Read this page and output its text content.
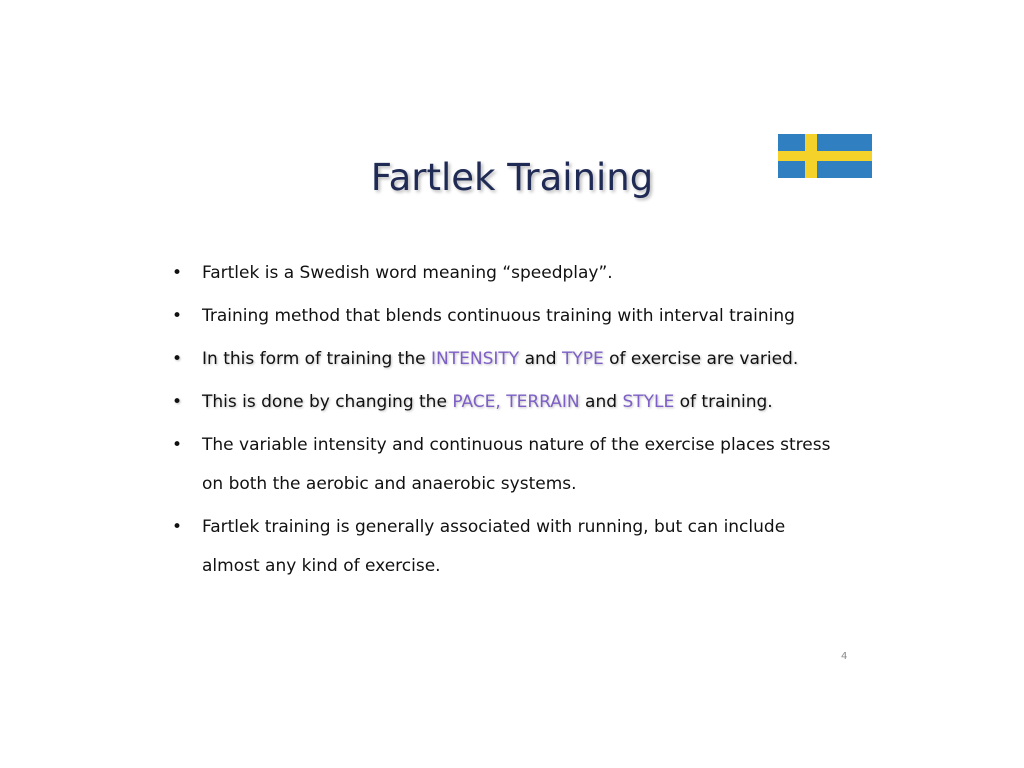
Fartlek Training
• Fartlek is a Swedish word meaning “speedplay”.
• Training method that blends continuous training with interval training
• In this form of training the INTENSITY and TYPE of exercise are varied.
• This is done by changing the PACE, TERRAIN and STYLE of training.
• The variable intensity and continuous nature of the exercise places stress
on both the aerobic and anaerobic systems.
• Fartlek training is generally associated with running, but can include
almost any kind of exercise.
4
